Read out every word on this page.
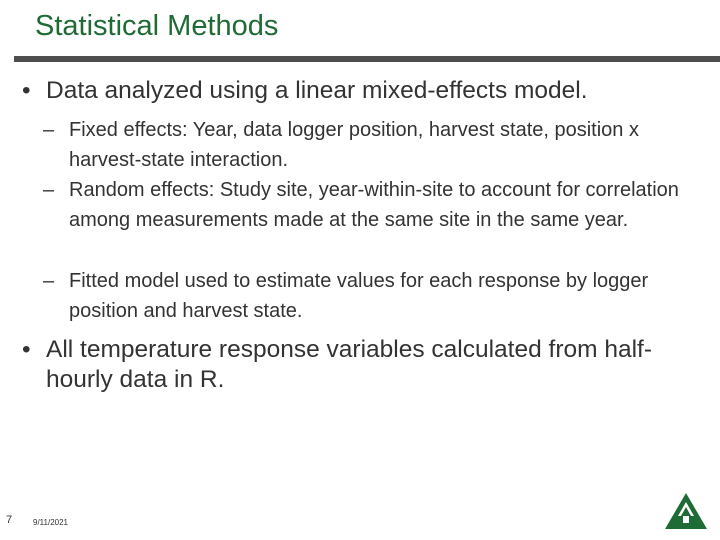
Statistical Methods
• Data analyzed using a linear mixed-effects model.
– Fixed effects: Year, data logger position, harvest state, position x harvest-state interaction.
– Random effects: Study site, year-within-site to account for correlation among measurements made at the same site in the same year.
– Fitted model used to estimate values for each response by logger position and harvest state.
• All temperature response variables calculated from half-hourly data in R.
7	9/11/2021
